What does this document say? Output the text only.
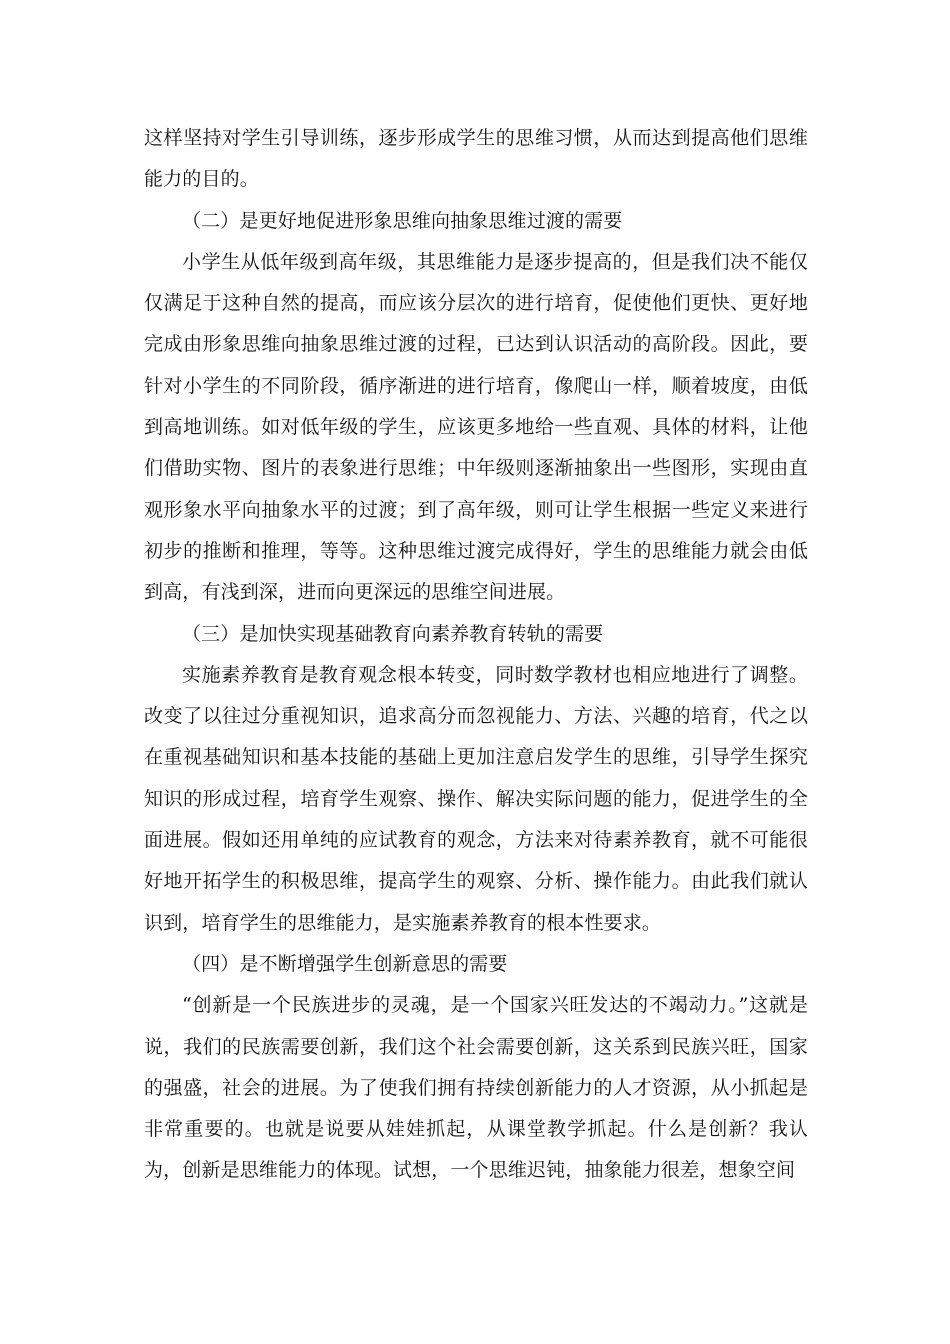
这样坚持对学生引导训练，逐步形成学生的思维习惯，从而达到提高他们思维能力的目的。

（二）是更好地促进形象思维向抽象思维过渡的需要

小学生从低年级到高年级，其思维能力是逐步提高的，但是我们决不能仅仅满足于这种自然的提高，而应该分层次的进行培育，促使他们更快、更好地完成由形象思维向抽象思维过渡的过程，已达到认识活动的高阶段。因此，要针对小学生的不同阶段，循序渐进的进行培育，像爬山一样，顺着坡度，由低到高地训练。如对低年级的学生，应该更多地给一些直观、具体的材料，让他们借助实物、图片的表象进行思维；中年级则逐渐抽象出一些图形，实现由直观形象水平向抽象水平的过渡；到了高年级，则可让学生根据一些定义来进行初步的推断和推理，等等。这种思维过渡完成得好，学生的思维能力就会由低到高，有浅到深，进而向更深远的思维空间进展。

（三）是加快实现基础教育向素养教育转轨的需要

实施素养教育是教育观念根本转变，同时数学教材也相应地进行了调整。改变了以往过分重视知识，追求高分而忽视能力、方法、兴趣的培育，代之以在重视基础知识和基本技能的基础上更加注意启发学生的思维，引导学生探究知识的形成过程，培育学生观察、操作、解决实际问题的能力，促进学生的全面进展。假如还用单纯的应试教育的观念，方法来对待素养教育，就不可能很好地开拓学生的积极思维，提高学生的观察、分析、操作能力。由此我们就认识到，培育学生的思维能力，是实施素养教育的根本性要求。

（四）是不断增强学生创新意思的需要

“创新是一个民族进步的灵魂，是一个国家兴旺发达的不竭动力。”这就是说，我们的民族需要创新，我们这个社会需要创新，这关系到民族兴旺，国家的强盛，社会的进展。为了使我们拥有持续创新能力的人才资源，从小抓起是非常重要的。也就是说要从娃娃抓起，从课堂教学抓起。什么是创新？我认为，创新是思维能力的体现。试想，一个思维迟钝，抽象能力很差，想象空间
